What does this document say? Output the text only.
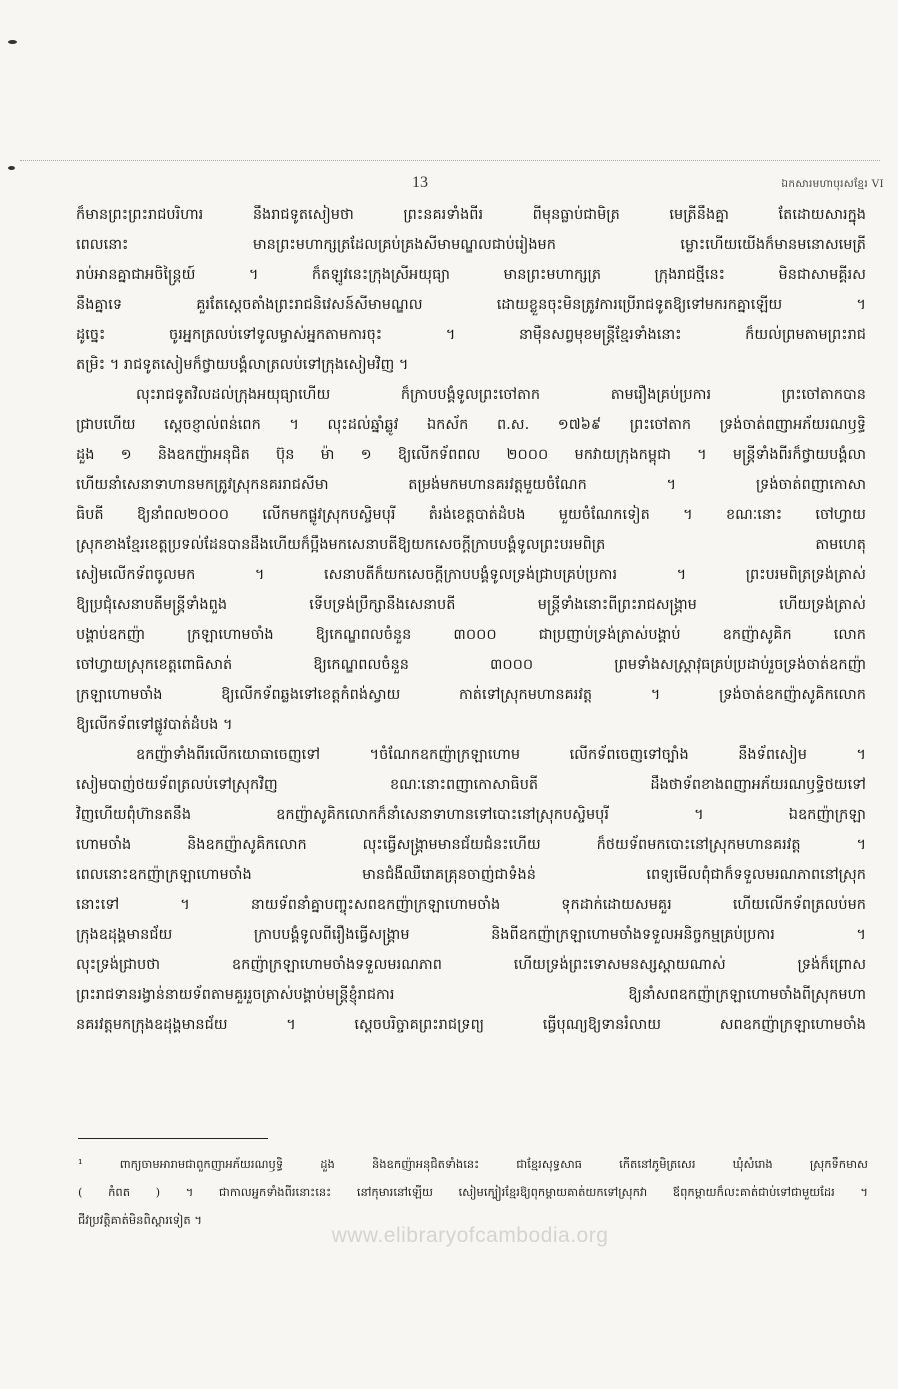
13	ឯកសារមហាបុរសខ្មែរ VI
ក៏មានព្រះព្រះរាជបរិហារ នឹងរាជទូតសៀមថា ព្រះនគរទាំងពីរ ពីមុនធ្លាប់ជាមិត្រ មេត្រីនឹងគ្នា តែដោយសារក្នុង
ពេលនោះ មានព្រះមហាក្សត្រដែលគ្រប់គ្រងសីមាមណ្ឌលជាប់រៀងមក ម្លោះហើយយើងក៏មានមនោសមេត្រី
រាប់អានគ្នាជាអចិន្ត្រៃយ៍ ។ ក៏តឡូវនេះក្រុងស្រីអយុធ្យា មានព្រះមហាក្សត្រ ក្រុងរាជថ្មីនេះ មិនជាសាមគ្គីរស
នឹងគ្នាទេ គួរតែស្តេចតាំងព្រះរាជនិវេសន៍សីមាមណ្ឌល ដោយខ្លួនចុះមិនត្រូវការប្រើរាជទូតឱ្យទៅមករកគ្នាឡើយ ។
ដូច្នេះ ចូរអ្នកត្រលប់ទៅទូលម្ចាស់អ្នកតាមការចុះ ។ នាម៉ឺនសព្វមុខមន្ត្រីខ្មែរទាំងនោះ ក៏យល់ព្រមតាមព្រះរាជ
តម្រិះ ។ រាជទូតសៀមក៏ថ្វាយបង្គំលាត្រលប់ទៅក្រុងសៀមវិញ ។
លុះរាជទូតវិលដល់ក្រុងអយុធ្យាហើយ ក៏ក្រាបបង្គំទូលព្រះចៅតាក តាមរឿងគ្រប់ប្រការ ព្រះចៅតាកបាន
ជ្រាបហើយ ស្តេចខ្ញាល់ពន់ពេក ។ លុះដល់ឆ្នាំឆ្លូវ ឯកស័ក ព.ស. ១៧៦៩ ព្រះចៅតាក ទ្រង់ចាត់ពញាអភ័យរណឫទ្ធិ
ដួង ១ និងឧកញ៉ាអនុជិត ប៊ុន ម៉ា ១ ឱ្យលើកទ័ពពល ២០០០ មកវាយក្រុងកម្ពុជា ។ មន្ត្រីទាំងពីរក៏ថ្វាយបង្គំលា
ហើយនាំសេនាទាហានមកត្រូវស្រុកនគររាជសីមា តម្រង់មកមហានគរវត្តមួយចំណែក ។ ទ្រង់ចាត់ពញាកោសា
ធិបតី ឱ្យនាំពល២០០០ លើកមកផ្លូវស្រុកបស្ចិមបុរី តំរង់ខេត្តបាត់ដំបង មួយចំណែកទៀត ។ ខណៈនោះ ចៅហ្វាយ
ស្រុកខាងខ្មែរខេត្តប្រទល់ដែនបានដឹងហើយក៏ប្អឹងមកសេនាបតីឱ្យយកសេចក្តីក្រាបបង្គំទូលព្រះបរមពិត្រ តាមហេតុ
សៀមលើកទ័ពចូលមក ។ សេនាបតីក៏យកសេចក្តីក្រាបបង្គំទូលទ្រង់ជ្រាបគ្រប់ប្រការ ។ ព្រះបរមពិត្រទ្រង់ត្រាស់
ឱ្យប្រជុំសេនាបតីមន្ត្រីទាំងពួង ទើបទ្រង់ប្រឹក្សានឹងសេនាបតី មន្ត្រីទាំងនោះពីព្រះរាជសង្គ្រាម ហើយទ្រង់ត្រាស់
បង្គាប់ឧកញ៉ា ក្រឡាហោមចាំង ឱ្យកេណ្ឌពលចំនួន ៣០០០ ជាប្រញាប់ទ្រង់ត្រាស់បង្គាប់ ឧកញ៉ាសូគិក លោក
ចៅហ្វាយស្រុកខេត្តពោធិសាត់ ឱ្យកេណ្ឌពលចំនួន ៣០០០ ព្រមទាំងសស្ត្រាវុធគ្រប់ប្រដាប់រួចទ្រង់ចាត់ឧកញ៉ា
ក្រឡាហោមចាំង ឱ្យលើកទ័ពឆ្លងទៅខេត្តកំពង់ស្វាយ កាត់ទៅស្រុកមហានគរវត្ត ។ ទ្រង់ចាត់ឧកញ៉ាសូគិកលោក
ឱ្យលើកទ័ពទៅផ្លូវបាត់ដំបង ។
ឧកញ៉ាទាំងពីរលើកយោធាចេញទៅ ។ចំណែកឧកញ៉ាក្រឡាហោម លើកទ័ពចេញទៅច្បាំង នឹងទ័ពសៀម ។
សៀមបាញ់ថយទ័ពត្រលប់ទៅស្រុកវិញ ខណៈនោះពញាកោសាធិបតី ដឹងថាទ័ពខាងពញាអភ័យរណឫទ្ធិថយទៅ
វិញហើយពុំហ៊ានតនឹង ឧកញ៉ាសូគិកលោកក៏នាំសេនាទាហានទៅបោះនៅស្រុកបស្ចិមបុរី ។ ឯឧកញ៉ាក្រឡា
ហោមចាំង និងឧកញ៉ាសូគិកលោក លុះធ្វើសង្គ្រាមមានជ័យជំនះហើយ ក៏ថយទ័ពមកបោះនៅស្រុកមហានគរវត្ត ។
ពេលនោះឧកញ៉ាក្រឡាហោមចាំង មានជំងឺឈឺរោគគ្រុនចាញ់ជាទំងន់ ពេទ្យមើលពុំជាក៏ទទួលមរណភាពនៅស្រុក
នោះទៅ ។ នាយទ័ពនាំគ្នាបញ្ចុះសពឧកញ៉ាក្រឡាហោមចាំង ទុកដាក់ដោយសមគួរ ហើយលើកទ័ពត្រលប់មក
ក្រុងឧដុង្គមានជ័យ ក្រាបបង្គំទូលពីរឿងធ្វើសង្គ្រាម និងពីឧកញ៉ាក្រឡាហោមចាំងទទួលអនិច្ចកម្មគ្រប់ប្រការ ។
លុះទ្រង់ជ្រាបថា ឧកញ៉ាក្រឡាហោមចាំងទទួលមរណភាព ហើយទ្រង់ព្រះទោសមនស្សស្តាយណាស់ ទ្រង់ក៏ព្រោស
ព្រះរាជទានរង្វាន់នាយទ័ពតាមគួររួចត្រាស់បង្គាប់មន្ត្រីខ្ញុំរាជការ ឱ្យនាំសពឧកញ៉ាក្រឡាហោមចាំងពីស្រុកមហា
នគរវត្តមកក្រុងឧដុង្គមានជ័យ ។ ស្តេចបរិច្ចាគព្រះរាជទ្រព្យ ធ្វើបុណ្យឱ្យទានរំលាយ សពឧកញ៉ាក្រឡាហោមចាំង
¹ ពាក្យចាមអារាមជាពួកញាអភ័យរណឫទ្ធិ ដួង និងឧកញ៉ាអនុជិតទាំងនេះ ជាខ្មែរសុទ្ធសាធ កើតនៅភូមិត្រសេរ ឃុំសំរោង ស្រុកទឹកមាស
( កំពត ) ។ ជាកាលអ្នកទាំងពីរនោះនេះ នៅកុមារនៅឡើយ សៀមក្បៀរខ្មែរឱ្យពុកម្តាយគាត់យកទៅស្រុកវា ឪពុកម្តាយក៏លះគាត់ជាប់ទៅជាមួយដែរ ។
ជីវប្រវត្តិគាត់មិនពិស្តារទៀត ។
www.elibraryofcambodia.org
